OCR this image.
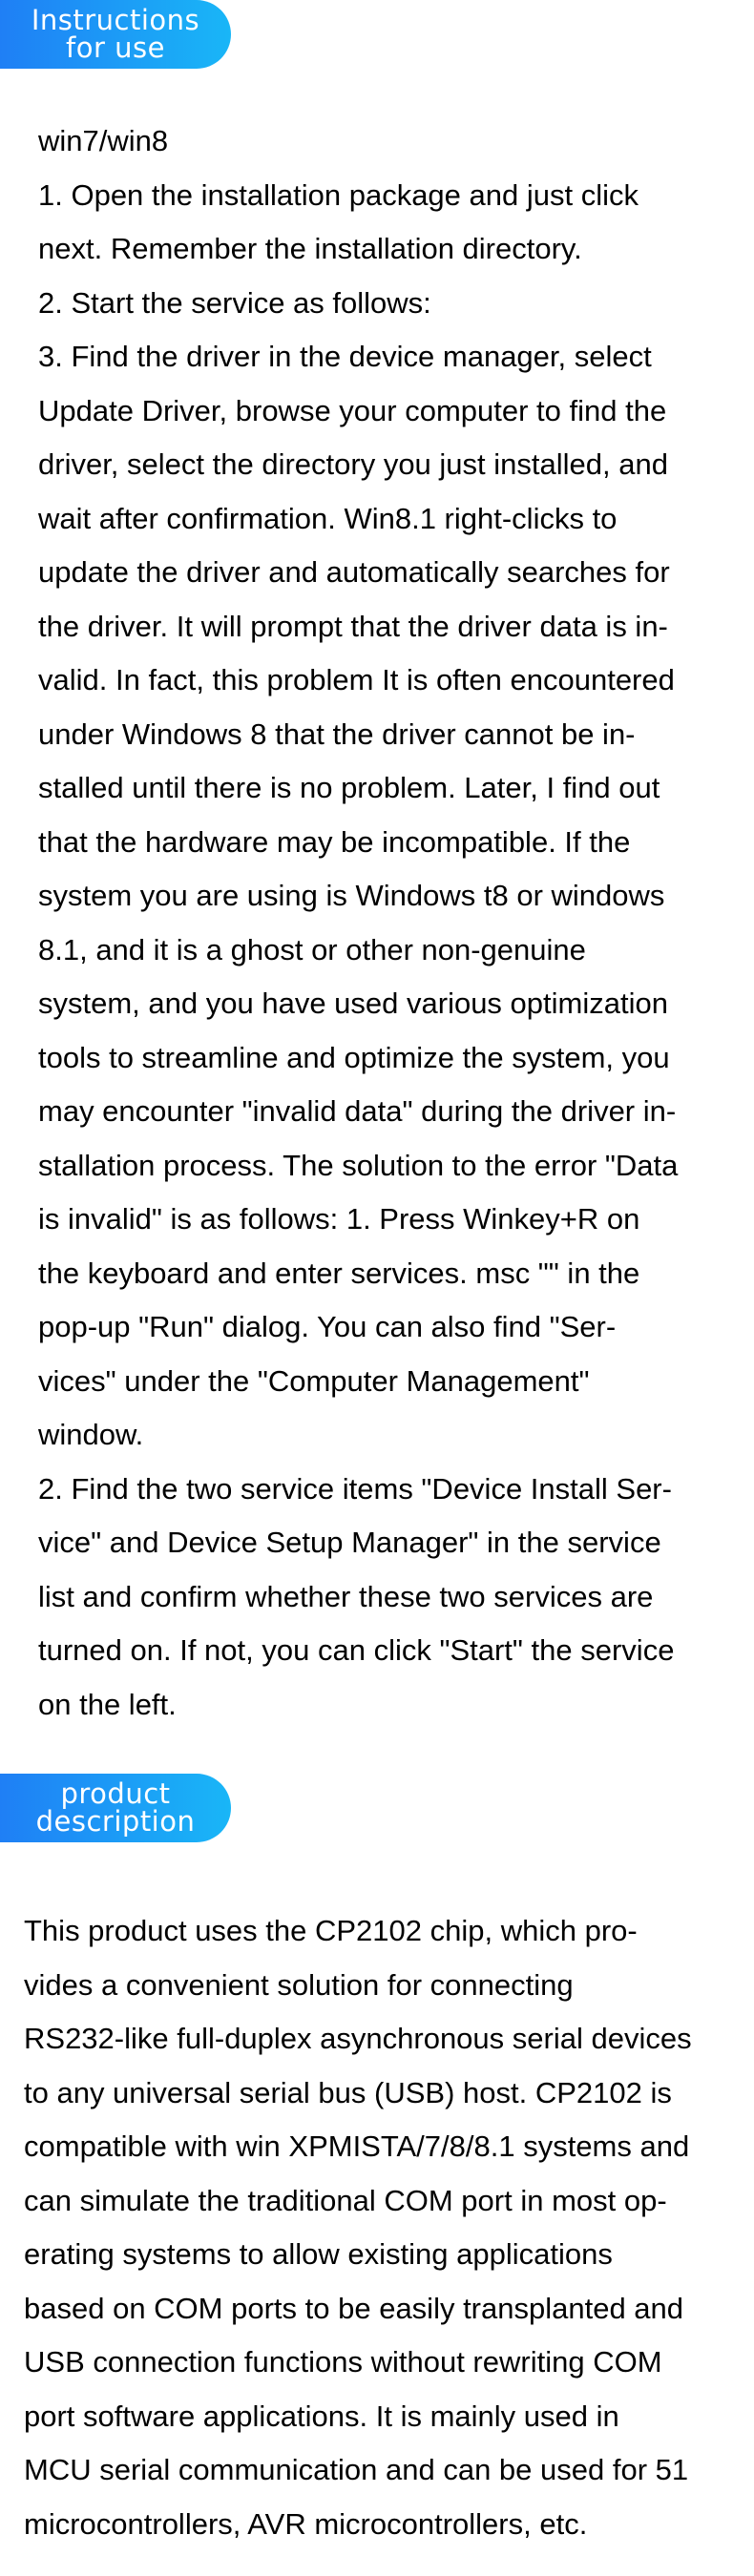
Instructions
for use

win7/win8

1. Open the installation package and just click

next. Remember the installation directory.

2. Start the service as follows:

3. Find the driver in the device manager, select

Update Driver, browse your computer to find the

driver, select the directory you just installed, and

wait after confirmation. Win8.1 right-clicks to

update the driver and automatically searches for

the driver. It will prompt that the driver data is in-

valid. In fact, this problem It is often encountered

under Windows 8 that the driver cannot be in-

stalled until there is no problem. Later, I find out

that the hardware may be incompatible. If the

system you are using is Windows t8 or windows

8.1, and it is a ghost or other non-genuine

system, and you have used various optimization

tools to streamline and optimize the system, you

may encounter "invalid data" during the driver in-

stallation process. The solution to the error "Data

is invalid" is as follows: 1. Press Winkey+R on

the keyboard and enter services. msc "" in the

pop-up "Run" dialog. You can also find "Ser-

vices" under the "Computer Management"

window.

2. Find the two service items "Device Install Ser-

vice" and Device Setup Manager" in the service

list and confirm whether these two services are

turned on. If not, you can click "Start" the service

on the left.

product
description

This product uses the CP2102 chip, which pro-

vides a convenient solution for connecting

RS232-like full-duplex asynchronous serial devices

to any universal serial bus (USB) host. CP2102 is

compatible with win XPMISTA/7/8/8.1 systems and

can simulate the traditional COM port in most op-

erating systems to allow existing applications

based on COM ports to be easily transplanted and

USB connection functions without rewriting COM

port software applications. It is mainly used in

MCU serial communication and can be used for 51

microcontrollers, AVR microcontrollers, etc.
